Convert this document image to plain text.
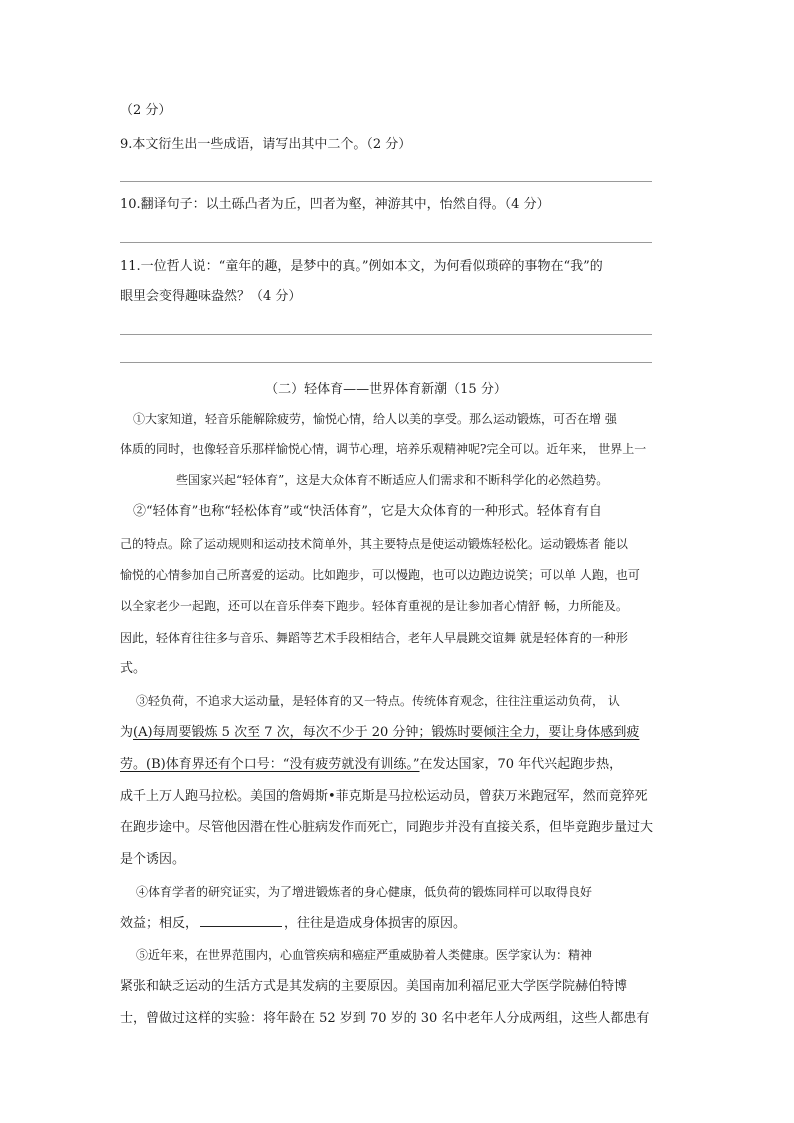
（2 分）
9.本文衍生出一些成语，请写出其中二个。（2 分）
10.翻译句子：以土砾凸者为丘，凹者为壑，神游其中，怡然自得。（4 分）
11.一位哲人说：“童年的趣，是梦中的真。”例如本文，为何看似琐碎的事物在“我”的
眼里会变得趣味盎然？（4 分）
（二）轻体育——世界体育新潮（15 分）
①大家知道，轻音乐能解除疲劳，愉悦心情，给人以美的享受。那么运动锻炼，可否在增 强
体质的同时，也像轻音乐那样愉悦心情，调节心理，培养乐观精神呢?完全可以。近年来， 世界上一
些国家兴起“轻体育”，这是大众体育不断适应人们需求和不断科学化的必然趋势。
②“轻体育”也称“轻松体育”或“快活体育”，它是大众体育的一种形式。轻体育有自
己的特点。除了运动规则和运动技术简单外，其主要特点是使运动锻炼轻松化。运动锻炼者 能以
愉悦的心情参加自己所喜爱的运动。比如跑步，可以慢跑，也可以边跑边说笑；可以单 人跑，也可
以全家老少一起跑，还可以在音乐伴奏下跑步。轻体育重视的是让参加者心情舒 畅，力所能及。
因此，轻体育往往多与音乐、舞蹈等艺术手段相结合，老年人早晨跳交谊舞 就是轻体育的一种形
式。
③轻负荷，不追求大运动量，是轻体育的又一特点。传统体育观念，往往注重运动负荷， 认
为(A)每周要锻炼 5 次至 7 次，每次不少于 20 分钟；锻炼时要倾注全力，要让身体感到疲
劳。(B)体育界还有个口号：“没有疲劳就没有训练。”在发达国家，70 年代兴起跑步热，
成千上万人跑马拉松。美国的詹姆斯•菲克斯是马拉松运动员，曾获万米跑冠军，然而竟猝死
在跑步途中。尽管他因潜在性心脏病发作而死亡，同跑步并没有直接关系，但毕竟跑步量过大
是个诱因。
④体育学者的研究证实，为了增进锻炼者的身心健康，低负荷的锻炼同样可以取得良好
效益；相反，	，往往是造成身体损害的原因。
⑤近年来，在世界范围内，心血管疾病和癌症严重威胁着人类健康。医学家认为：精神
紧张和缺乏运动的生活方式是其发病的主要原因。美国南加利福尼亚大学医学院赫伯特博
士，曾做过这样的实验：将年龄在 52 岁到 70 岁的 30 名中老年人分成两组，这些人都患有
